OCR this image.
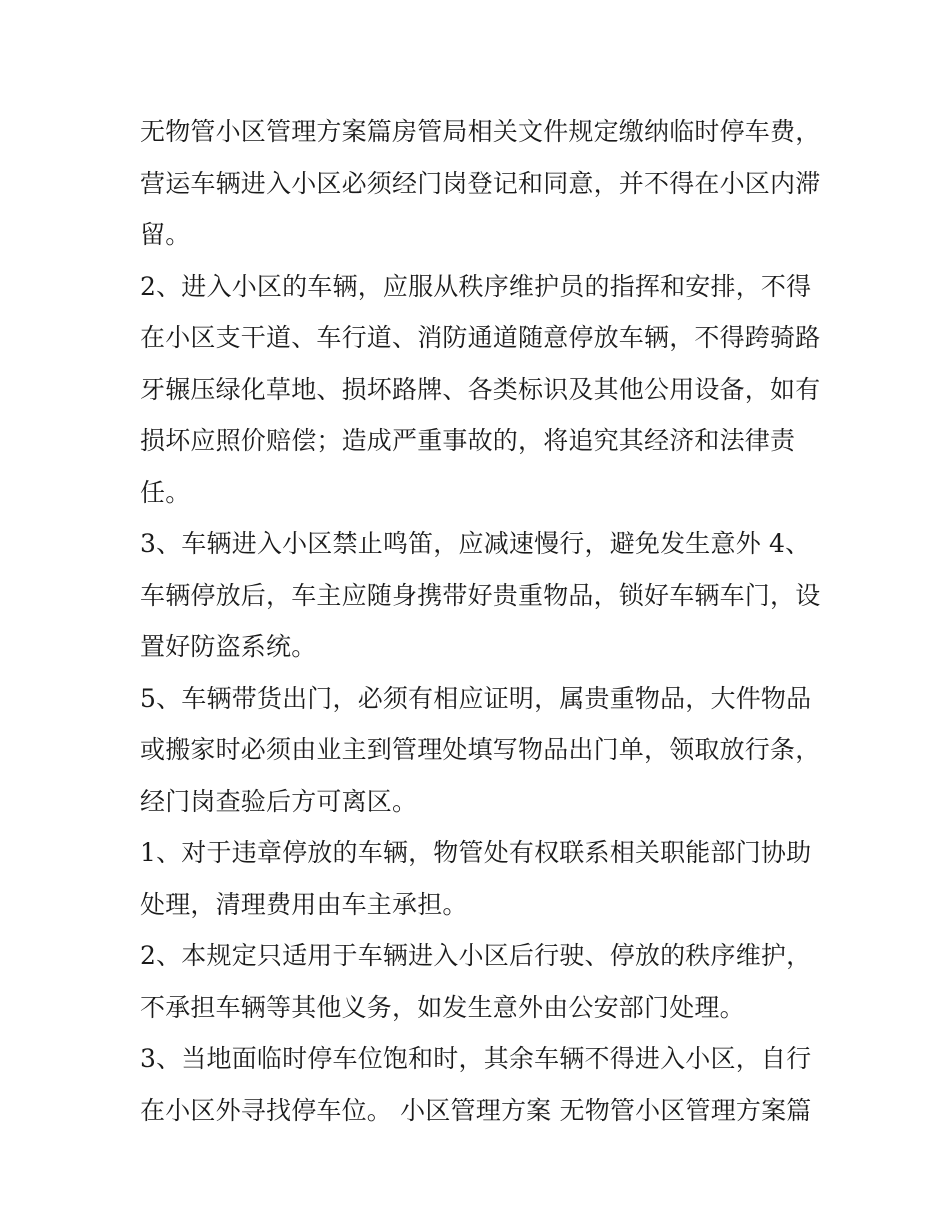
无物管小区管理方案篇房管局相关文件规定缴纳临时停车费，
营运车辆进入小区必须经门岗登记和同意，并不得在小区内滞
留。
2、进入小区的车辆，应服从秩序维护员的指挥和安排，不得
在小区支干道、车行道、消防通道随意停放车辆，不得跨骑路
牙辗压绿化草地、损坏路牌、各类标识及其他公用设备，如有
损坏应照价赔偿；造成严重事故的，将追究其经济和法律责
任。
3、车辆进入小区禁止鸣笛，应减速慢行，避免发生意外 4、
车辆停放后，车主应随身携带好贵重物品，锁好车辆车门，设
置好防盗系统。
5、车辆带货出门，必须有相应证明，属贵重物品，大件物品
或搬家时必须由业主到管理处填写物品出门单，领取放行条，
经门岗查验后方可离区。
1、对于违章停放的车辆，物管处有权联系相关职能部门协助
处理，清理费用由车主承担。
2、本规定只适用于车辆进入小区后行驶、停放的秩序维护，
不承担车辆等其他义务，如发生意外由公安部门处理。
3、当地面临时停车位饱和时，其余车辆不得进入小区，自行
在小区外寻找停车位。 小区管理方案 无物管小区管理方案篇
